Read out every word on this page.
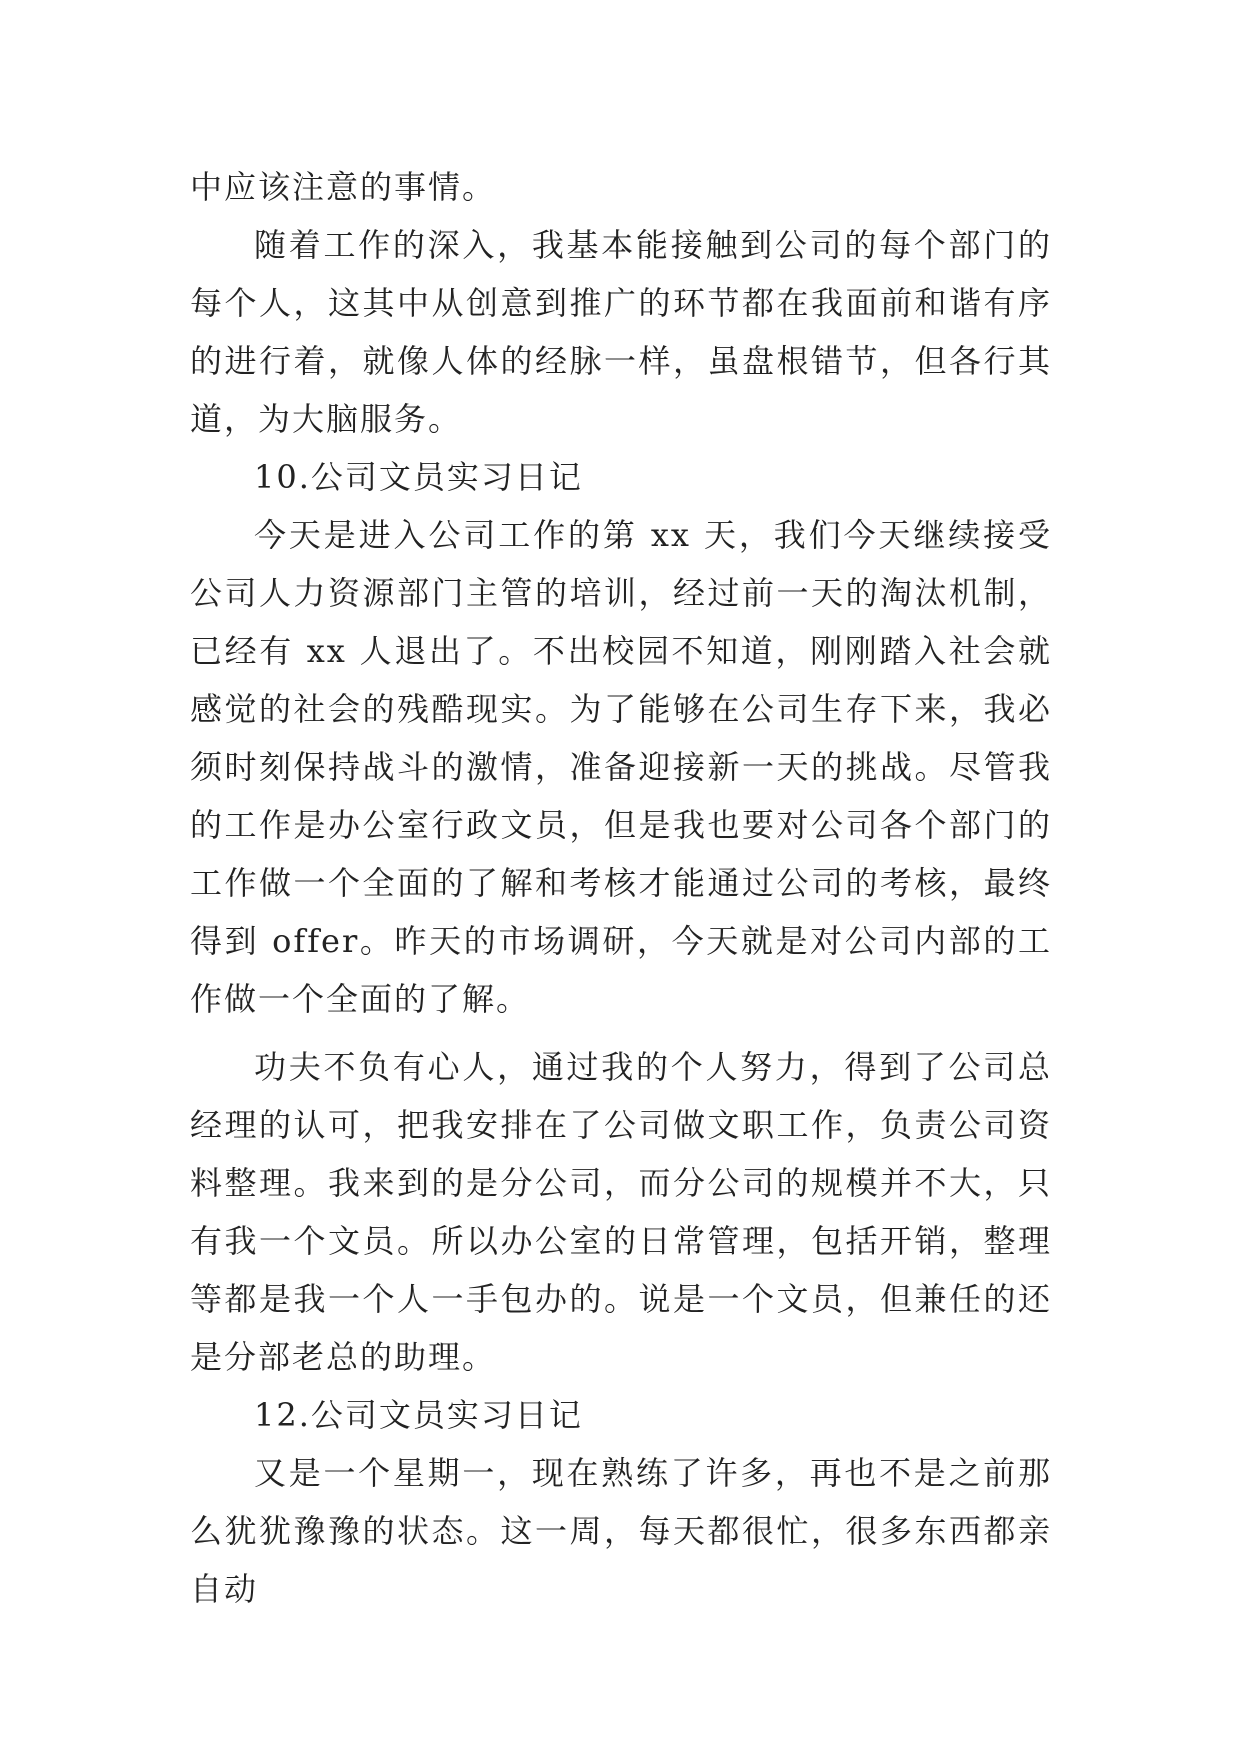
中应该注意的事情。

随着工作的深入，我基本能接触到公司的每个部门的每个人，这其中从创意到推广的环节都在我面前和谐有序的进行着，就像人体的经脉一样，虽盘根错节，但各行其道，为大脑服务。

10.公司文员实习日记

今天是进入公司工作的第 xx 天，我们今天继续接受公司人力资源部门主管的培训，经过前一天的淘汰机制，已经有 xx 人退出了。不出校园不知道，刚刚踏入社会就感觉的社会的残酷现实。为了能够在公司生存下来，我必须时刻保持战斗的激情，准备迎接新一天的挑战。尽管我的工作是办公室行政文员，但是我也要对公司各个部门的工作做一个全面的了解和考核才能通过公司的考核，最终得到 offer。昨天的市场调研，今天就是对公司内部的工作做一个全面的了解。

功夫不负有心人，通过我的个人努力，得到了公司总经理的认可，把我安排在了公司做文职工作，负责公司资料整理。我来到的是分公司，而分公司的规模并不大，只有我一个文员。所以办公室的日常管理，包括开销，整理等都是我一个人一手包办的。说是一个文员，但兼任的还是分部老总的助理。

12.公司文员实习日记

又是一个星期一，现在熟练了许多，再也不是之前那么犹犹豫豫的状态。这一周，每天都很忙，很多东西都亲自动
